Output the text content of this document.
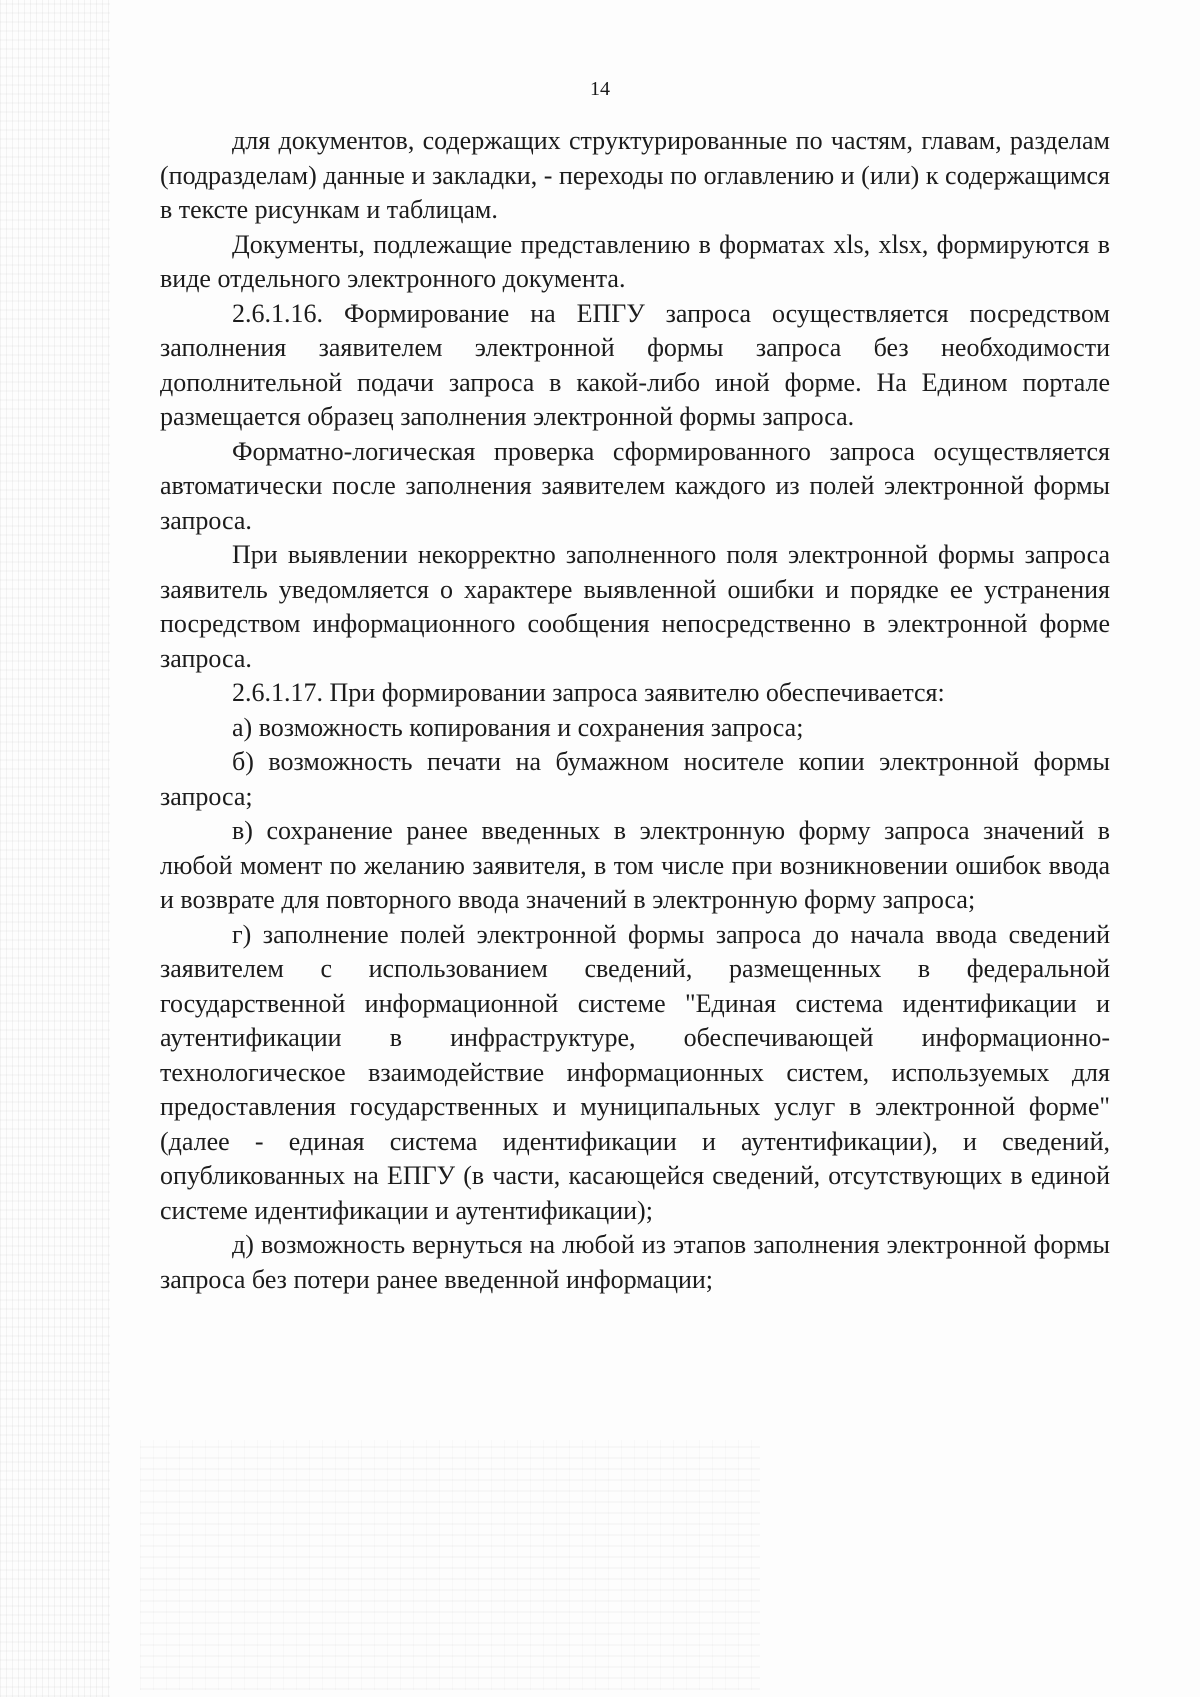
14

для документов, содержащих структурированные по частям, главам, разделам (подразделам) данные и закладки, - переходы по оглавлению и (или) к содержащимся в тексте рисункам и таблицам.

Документы, подлежащие представлению в форматах xls, xlsx, формируются в виде отдельного электронного документа.

2.6.1.16. Формирование на ЕПГУ запроса осуществляется посредством заполнения заявителем электронной формы запроса без необходимости дополнительной подачи запроса в какой-либо иной форме. На Едином портале размещается образец заполнения электронной формы запроса.

Форматно-логическая проверка сформированного запроса осуществляется автоматически после заполнения заявителем каждого из полей электронной формы запроса.

При выявлении некорректно заполненного поля электронной формы запроса заявитель уведомляется о характере выявленной ошибки и порядке ее устранения посредством информационного сообщения непосредственно в электронной форме запроса.

2.6.1.17. При формировании запроса заявителю обеспечивается:

а) возможность копирования и сохранения запроса;

б) возможность печати на бумажном носителе копии электронной формы запроса;

в) сохранение ранее введенных в электронную форму запроса значений в любой момент по желанию заявителя, в том числе при возникновении ошибок ввода и возврате для повторного ввода значений в электронную форму запроса;

г) заполнение полей электронной формы запроса до начала ввода сведений заявителем с использованием сведений, размещенных в федеральной государственной информационной системе "Единая система идентификации и аутентификации в инфраструктуре, обеспечивающей информационно-технологическое взаимодействие информационных систем, используемых для предоставления государственных и муниципальных услуг в электронной форме" (далее - единая система идентификации и аутентификации), и сведений, опубликованных на ЕПГУ (в части, касающейся сведений, отсутствующих в единой системе идентификации и аутентификации);

д) возможность вернуться на любой из этапов заполнения электронной формы запроса без потери ранее введенной информации;
